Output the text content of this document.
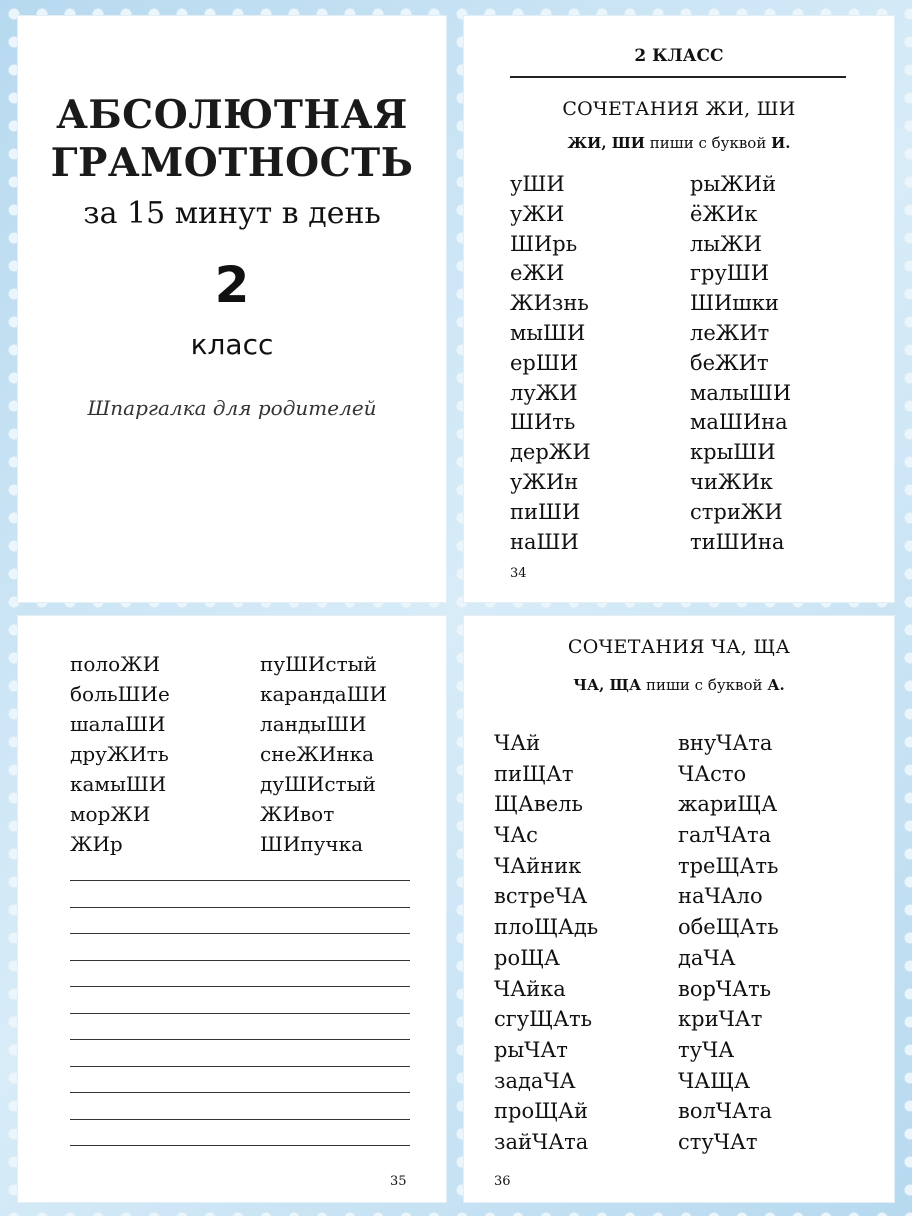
АБСОЛЮТНАЯ
ГРАМОТНОСТЬ
за 15 минут в день
2
класс
Шпаргалка для родителей
2 КЛАСС
СОЧЕТАНИЯ ЖИ, ШИ
ЖИ, ШИ пиши с буквой И.
уШИ
уЖИ
ШИрь
еЖИ
ЖИзнь
мыШИ
ерШИ
луЖИ
ШИть
дерЖИ
уЖИн
пиШИ
наШИ
рыЖИй
ёЖИк
лыЖИ
груШИ
ШИшки
леЖИт
беЖИт
малыШИ
маШИна
крыШИ
чиЖИк
стриЖИ
тиШИна
34
полоЖИ
больШИе
шалаШИ
друЖИть
камыШИ
морЖИ
ЖИр
пуШИстый
карандаШИ
ландыШИ
снеЖИнка
дуШИстый
ЖИвот
ШИпучка
35
СОЧЕТАНИЯ ЧА, ЩА
ЧА, ЩА пиши с буквой А.
ЧАй
пиЩАт
ЩАвель
ЧАс
ЧАйник
встреЧА
плоЩАдь
роЩА
ЧАйка
сгуЩАть
рыЧАт
задаЧА
проЩАй
зайЧАта
внуЧАта
ЧАсто
жариЩА
галЧАта
треЩАть
наЧАло
обеЩАть
даЧА
ворЧАть
криЧАт
туЧА
ЧАЩА
волЧАта
стуЧАт
36
